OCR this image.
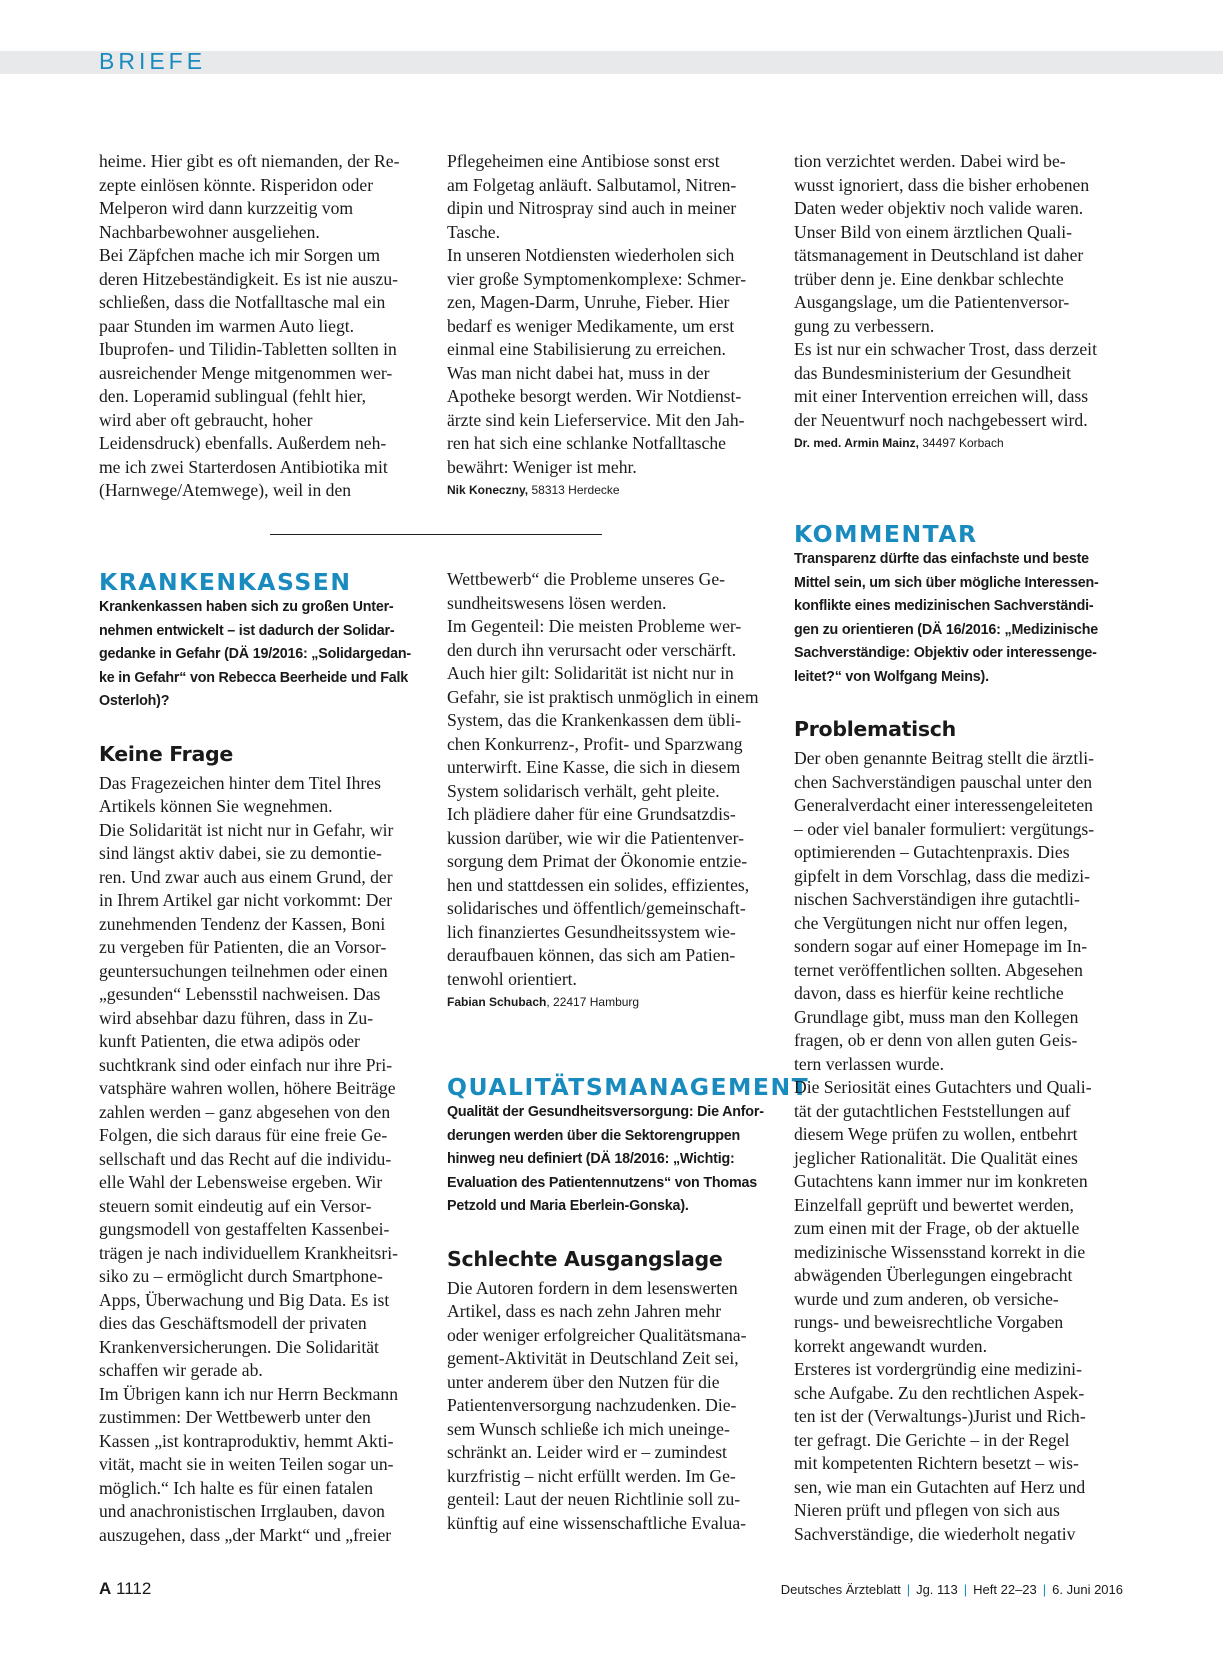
BRIEFE
heime. Hier gibt es oft niemanden, der Re-
zepte einlösen könnte. Risperidon oder
Melperon wird dann kurzzeitig vom
Nachbarbewohner ausgeliehen.
Bei Zäpfchen mache ich mir Sorgen um
deren Hitzebeständigkeit. Es ist nie auszu-
schließen, dass die Notfalltasche mal ein
paar Stunden im warmen Auto liegt.
Ibuprofen- und Tilidin-Tabletten sollten in
ausreichender Menge mitgenommen wer-
den. Loperamid sublingual (fehlt hier,
wird aber oft gebraucht, hoher
Leidensdruck) ebenfalls. Außerdem neh-
me ich zwei Starterdosen Antibiotika mit
(Harnwege/Atemwege), weil in den
Pflegeheimen eine Antibiose sonst erst
am Folgetag anläuft. Salbutamol, Nitren-
dipin und Nitrospray sind auch in meiner
Tasche.
In unseren Notdiensten wiederholen sich
vier große Symptomenkomplexe: Schmer-
zen, Magen-Darm, Unruhe, Fieber. Hier
bedarf es weniger Medikamente, um erst
einmal eine Stabilisierung zu erreichen.
Was man nicht dabei hat, muss in der
Apotheke besorgt werden. Wir Notdienst-
ärzte sind kein Lieferservice. Mit den Jah-
ren hat sich eine schlanke Notfalltasche
bewährt: Weniger ist mehr.
Nik Koneczny, 58313 Herdecke
tion verzichtet werden. Dabei wird be-
wusst ignoriert, dass die bisher erhobenen
Daten weder objektiv noch valide waren.
Unser Bild von einem ärztlichen Quali-
tätsmanagement in Deutschland ist daher
trüber denn je. Eine denkbar schlechte
Ausgangslage, um die Patientenversor-
gung zu verbessern.
Es ist nur ein schwacher Trost, dass derzeit
das Bundesministerium der Gesundheit
mit einer Intervention erreichen will, dass
der Neuentwurf noch nachgebessert wird.
Dr. med. Armin Mainz, 34497 Korbach
KRANKENKASSEN
Krankenkassen haben sich zu großen Unter-
nehmen entwickelt – ist dadurch der Solidar-
gedanke in Gefahr (DÄ 19/2016: „Solidargedan-
ke in Gefahr“ von Rebecca Beerheide und Falk
Osterloh)?
Keine Frage
Das Fragezeichen hinter dem Titel Ihres
Artikels können Sie wegnehmen.
Die Solidarität ist nicht nur in Gefahr, wir
sind längst aktiv dabei, sie zu demontie-
ren. Und zwar auch aus einem Grund, der
in Ihrem Artikel gar nicht vorkommt: Der
zunehmenden Tendenz der Kassen, Boni
zu vergeben für Patienten, die an Vorsor-
geuntersuchungen teilnehmen oder einen
„gesunden“ Lebensstil nachweisen. Das
wird absehbar dazu führen, dass in Zu-
kunft Patienten, die etwa adipös oder
suchtkrank sind oder einfach nur ihre Pri-
vatsphäre wahren wollen, höhere Beiträge
zahlen werden – ganz abgesehen von den
Folgen, die sich daraus für eine freie Ge-
sellschaft und das Recht auf die individu-
elle Wahl der Lebensweise ergeben. Wir
steuern somit eindeutig auf ein Versor-
gungsmodell von gestaffelten Kassenbei-
trägen je nach individuellem Krankheitsri-
siko zu – ermöglicht durch Smartphone-
Apps, Überwachung und Big Data. Es ist
dies das Geschäftsmodell der privaten
Krankenversicherungen. Die Solidarität
schaffen wir gerade ab.
Im Übrigen kann ich nur Herrn Beckmann
zustimmen: Der Wettbewerb unter den
Kassen „ist kontraproduktiv, hemmt Akti-
vität, macht sie in weiten Teilen sogar un-
möglich.“ Ich halte es für einen fatalen
und anachronistischen Irrglauben, davon
auszugehen, dass „der Markt“ und „freier
Wettbewerb“ die Probleme unseres Ge-
sundheitswesens lösen werden.
Im Gegenteil: Die meisten Probleme wer-
den durch ihn verursacht oder verschärft.
Auch hier gilt: Solidarität ist nicht nur in
Gefahr, sie ist praktisch unmöglich in einem
System, das die Krankenkassen dem übli-
chen Konkurrenz-, Profit- und Sparzwang
unterwirft. Eine Kasse, die sich in diesem
System solidarisch verhält, geht pleite.
Ich plädiere daher für eine Grundsatzdis-
kussion darüber, wie wir die Patientenver-
sorgung dem Primat der Ökonomie entzie-
hen und stattdessen ein solides, effizientes,
solidarisches und öffentlich/gemeinschaft-
lich finanziertes Gesundheitssystem wie-
deraufbauen können, das sich am Patien-
tenwohl orientiert.
Fabian Schubach, 22417 Hamburg
QUALITÄTSMANAGEMENT
Qualität der Gesundheitsversorgung: Die Anfor-
derungen werden über die Sektorengruppen
hinweg neu definiert (DÄ 18/2016: „Wichtig:
Evaluation des Patientennutzens“ von Thomas
Petzold und Maria Eberlein-Gonska).
Schlechte Ausgangslage
Die Autoren fordern in dem lesenswerten
Artikel, dass es nach zehn Jahren mehr
oder weniger erfolgreicher Qualitätsmana-
gement-Aktivität in Deutschland Zeit sei,
unter anderem über den Nutzen für die
Patientenversorgung nachzudenken. Die-
sem Wunsch schließe ich mich uneinge-
schränkt an. Leider wird er – zumindest
kurzfristig – nicht erfüllt werden. Im Ge-
genteil: Laut der neuen Richtlinie soll zu-
künftig auf eine wissenschaftliche Evalua-
KOMMENTAR
Transparenz dürfte das einfachste und beste
Mittel sein, um sich über mögliche Interessen-
konflikte eines medizinischen Sachverständi-
gen zu orientieren (DÄ 16/2016: „Medizinische
Sachverständige: Objektiv oder interessenge-
leitet?“ von Wolfgang Meins).
Problematisch
Der oben genannte Beitrag stellt die ärztli-
chen Sachverständigen pauschal unter den
Generalverdacht einer interessengeleiteten
– oder viel banaler formuliert: vergütungs-
optimierenden – Gutachtenpraxis. Dies
gipfelt in dem Vorschlag, dass die medizi-
nischen Sachverständigen ihre gutachtli-
che Vergütungen nicht nur offen legen,
sondern sogar auf einer Homepage im In-
ternet veröffentlichen sollten. Abgesehen
davon, dass es hierfür keine rechtliche
Grundlage gibt, muss man den Kollegen
fragen, ob er denn von allen guten Geis-
tern verlassen wurde.
Die Seriosität eines Gutachters und Quali-
tät der gutachtlichen Feststellungen auf
diesem Wege prüfen zu wollen, entbehrt
jeglicher Rationalität. Die Qualität eines
Gutachtens kann immer nur im konkreten
Einzelfall geprüft und bewertet werden,
zum einen mit der Frage, ob der aktuelle
medizinische Wissensstand korrekt in die
abwägenden Überlegungen eingebracht
wurde und zum anderen, ob versiche-
rungs- und beweisrechtliche Vorgaben
korrekt angewandt wurden.
Ersteres ist vordergründig eine medizini-
sche Aufgabe. Zu den rechtlichen Aspek-
ten ist der (Verwaltungs-)Jurist und Rich-
ter gefragt. Die Gerichte – in der Regel
mit kompetenten Richtern besetzt – wis-
sen, wie man ein Gutachten auf Herz und
Nieren prüft und pflegen von sich aus
Sachverständige, die wiederholt negativ
A 1112	Deutsches Ärzteblatt | Jg. 113 | Heft 22–23 | 6. Juni 2016
